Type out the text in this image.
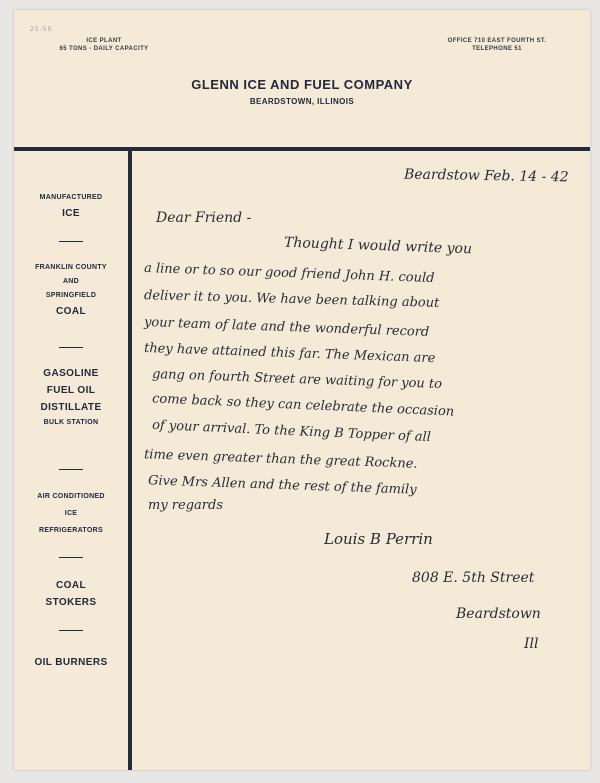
25-50
ICE PLANT
65 TONS - DAILY CAPACITY
OFFICE 710 EAST FOURTH ST.
TELEPHONE 51
GLENN ICE AND FUEL COMPANY
BEARDSTOWN, ILLINOIS
MANUFACTURED
ICE
FRANKLIN COUNTY
AND
SPRINGFIELD
COAL
GASOLINE
FUEL OIL
DISTILLATE
BULK STATION
AIR CONDITIONED
ICE
REFRIGERATORS
COAL
STOKERS
OIL BURNERS
Beardstow Feb. 14 - 42
Dear Friend -
Thought I would write you
a line or to so our good friend John H. could
deliver it to you. We have been talking about
your team of late and the wonderful record
they have attained this far. The Mexican are
gang on fourth Street are waiting for you to
come back so they can celebrate the occasion
of your arrival. To the King B Topper of all
time even greater than the great Rockne.
Give Mrs Allen and the rest of the family
my regards
Louis B Perrin
808 E. 5th Street
Beardstown
Ill
